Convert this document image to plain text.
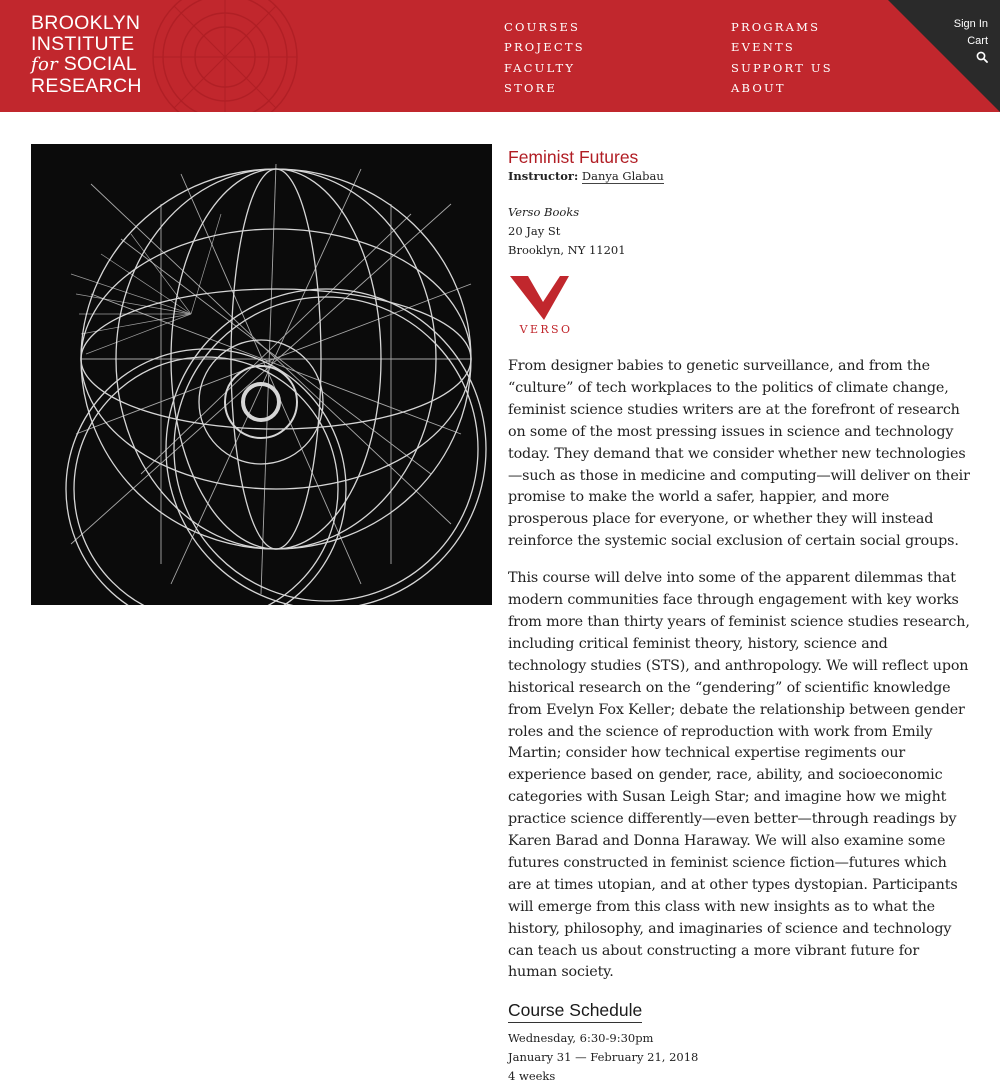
BROOKLYN
INSTITUTE
for SOCIAL
RESEARCH
COURSES
PROJECTS
FACULTY
STORE
PROGRAMS
EVENTS
SUPPORT US
ABOUT
Sign In
Cart
Feminist Futures
Instructor: Danya Glabau
Verso Books
20 Jay St
Brooklyn, NY 11201
VERSO

From designer babies to genetic surveillance, and from the “culture” of tech workplaces to the politics of climate change, feminist science studies writers are at the forefront of research on some of the most pressing issues in science and technology today. They demand that we consider whether new technologies—such as those in medicine and computing—will deliver on their promise to make the world a safer, happier, and more prosperous place for everyone, or whether they will instead reinforce the systemic social exclusion of certain social groups.

This course will delve into some of the apparent dilemmas that modern communities face through engagement with key works from more than thirty years of feminist science studies research, including critical feminist theory, history, science and technology studies (STS), and anthropology. We will reflect upon historical research on the “gendering” of scientific knowledge from Evelyn Fox Keller; debate the relationship between gender roles and the science of reproduction with work from Emily Martin; consider how technical expertise regiments our experience based on gender, race, ability, and socioeconomic categories with Susan Leigh Star; and imagine how we might practice science differently—even better—through readings by Karen Barad and Donna Haraway. We will also examine some futures constructed in feminist science fiction—futures which are at times utopian, and at other types dystopian. Participants will emerge from this class with new insights as to what the history, philosophy, and imaginaries of science and technology can teach us about constructing a more vibrant future for human society.

Course Schedule
Wednesday, 6:30-9:30pm
January 31 — February 21, 2018
4 weeks
